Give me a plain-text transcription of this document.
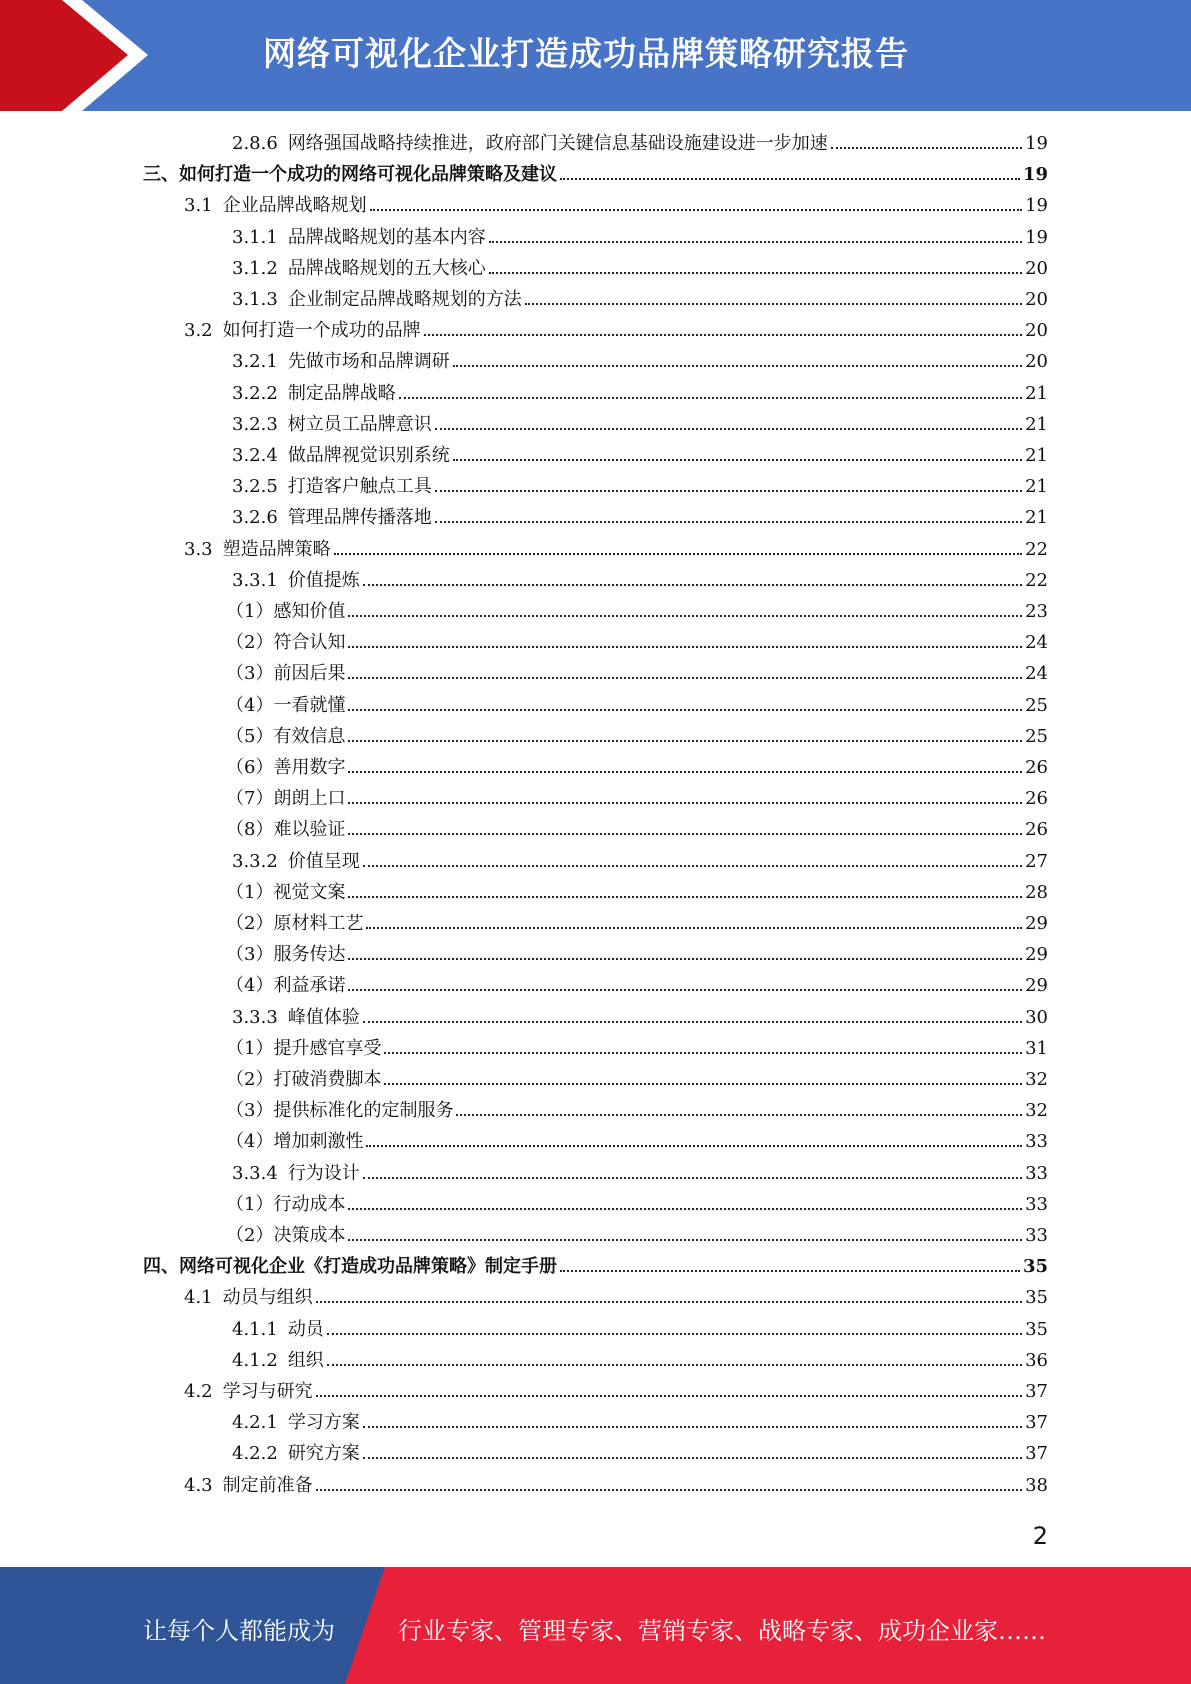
网络可视化企业打造成功品牌策略研究报告
2.8.6 网络强国战略持续推进，政府部门关键信息基础设施建设进一步加速	19
三、如何打造一个成功的网络可视化品牌策略及建议	19
3.1 企业品牌战略规划	19
3.1.1 品牌战略规划的基本内容	19
3.1.2 品牌战略规划的五大核心	20
3.1.3 企业制定品牌战略规划的方法	20
3.2 如何打造一个成功的品牌	20
3.2.1 先做市场和品牌调研	20
3.2.2 制定品牌战略	21
3.2.3 树立员工品牌意识	21
3.2.4 做品牌视觉识别系统	21
3.2.5 打造客户触点工具	21
3.2.6 管理品牌传播落地	21
3.3 塑造品牌策略	22
3.3.1 价值提炼	22
（1）感知价值	23
（2）符合认知	24
（3）前因后果	24
（4）一看就懂	25
（5）有效信息	25
（6）善用数字	26
（7）朗朗上口	26
（8）难以验证	26
3.3.2 价值呈现	27
（1）视觉文案	28
（2）原材料工艺	29
（3）服务传达	29
（4）利益承诺	29
3.3.3 峰值体验	30
（1）提升感官享受	31
（2）打破消费脚本	32
（3）提供标准化的定制服务	32
（4）增加刺激性	33
3.3.4 行为设计	33
（1）行动成本	33
（2）决策成本	33
四、网络可视化企业《打造成功品牌策略》制定手册	35
4.1 动员与组织	35
4.1.1 动员	35
4.1.2 组织	36
4.2 学习与研究	37
4.2.1 学习方案	37
4.2.2 研究方案	37
4.3 制定前准备	38
2
让每个人都能成为	行业专家、管理专家、营销专家、战略专家、成功企业家……
